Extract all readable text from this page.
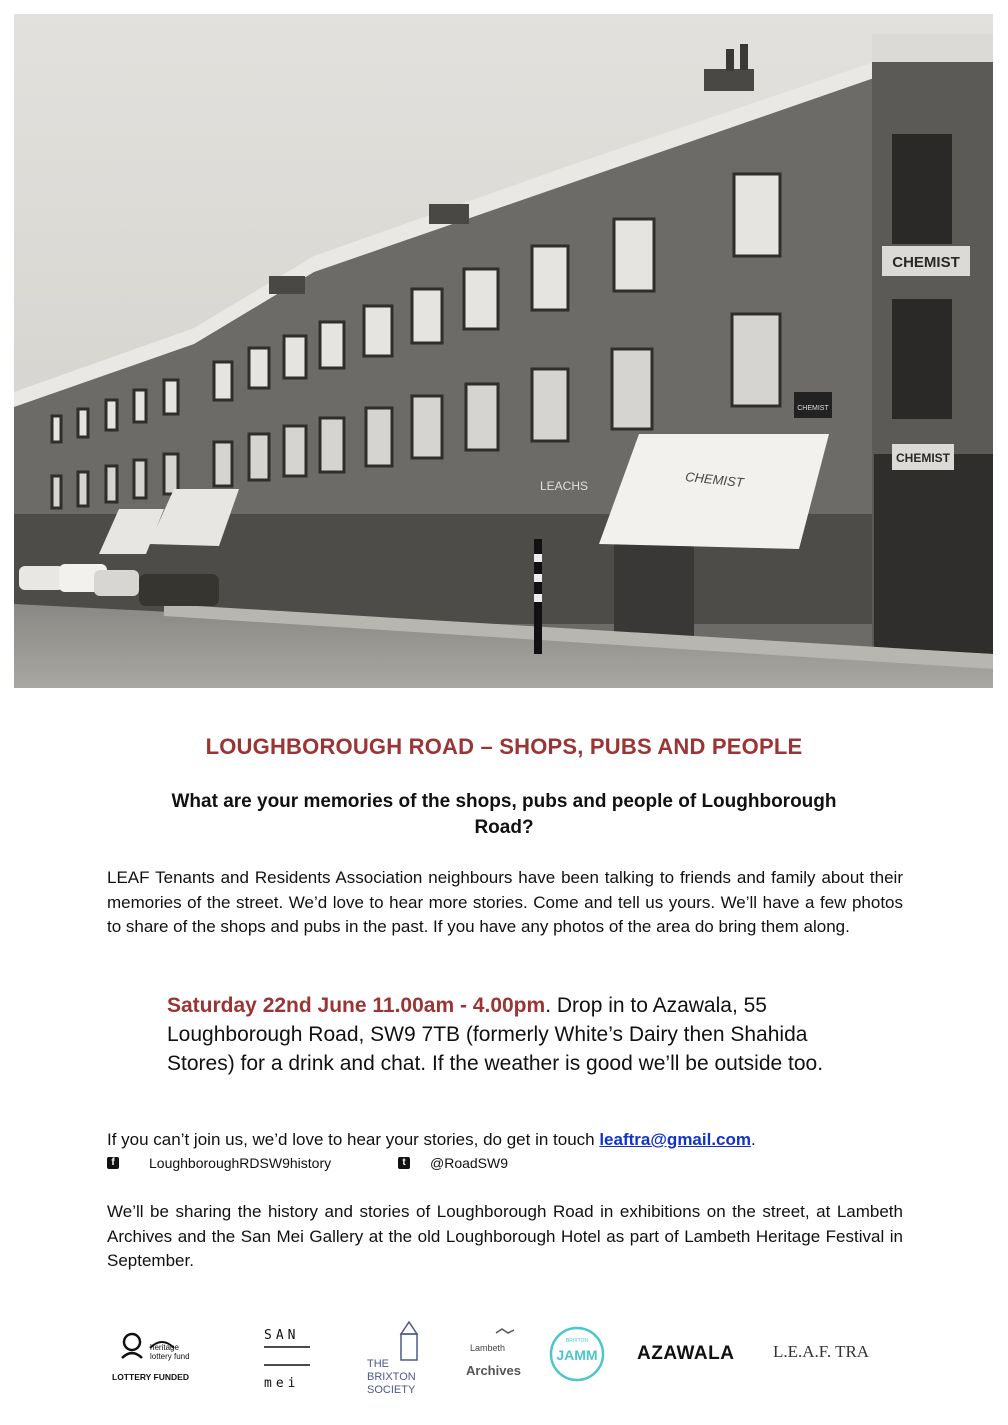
CHEMIST
CHEMIST
CHEMIST
CHEMIST
LEACHS
LOUGHBOROUGH ROAD – SHOPS, PUBS AND PEOPLE
What are your memories of the shops, pubs and people of Loughborough Road?
LEAF Tenants and Residents Association neighbours have been talking to friends and family about their memories of the street. We’d love to hear more stories. Come and tell us yours. We’ll have a few photos to share of the shops and pubs in the past. If you have any photos of the area do bring them along.
Saturday 22nd June 11.00am - 4.00pm. Drop in to Azawala, 55 Loughborough Road, SW9 7TB (formerly White’s Dairy then Shahida Stores) for a drink and chat. If the weather is good we’ll be outside too.
If you can’t join us, we’d love to hear your stories, do get in touch leaftra@gmail.com.
f	LoughboroughRDSW9history	t	@RoadSW9
We’ll be sharing the history and stories of Loughborough Road in exhibitions on the street, at Lambeth Archives and the San Mei Gallery at the old Loughborough Hotel as part of Lambeth Heritage Festival in September.
heritage
lottery fund
LOTTERY FUNDED
SAN
mei
THE
BRIXTON
SOCIETY
Lambeth
Archives
BRIXTON
JAMM AZAWALA L.E.A.F. TRA
